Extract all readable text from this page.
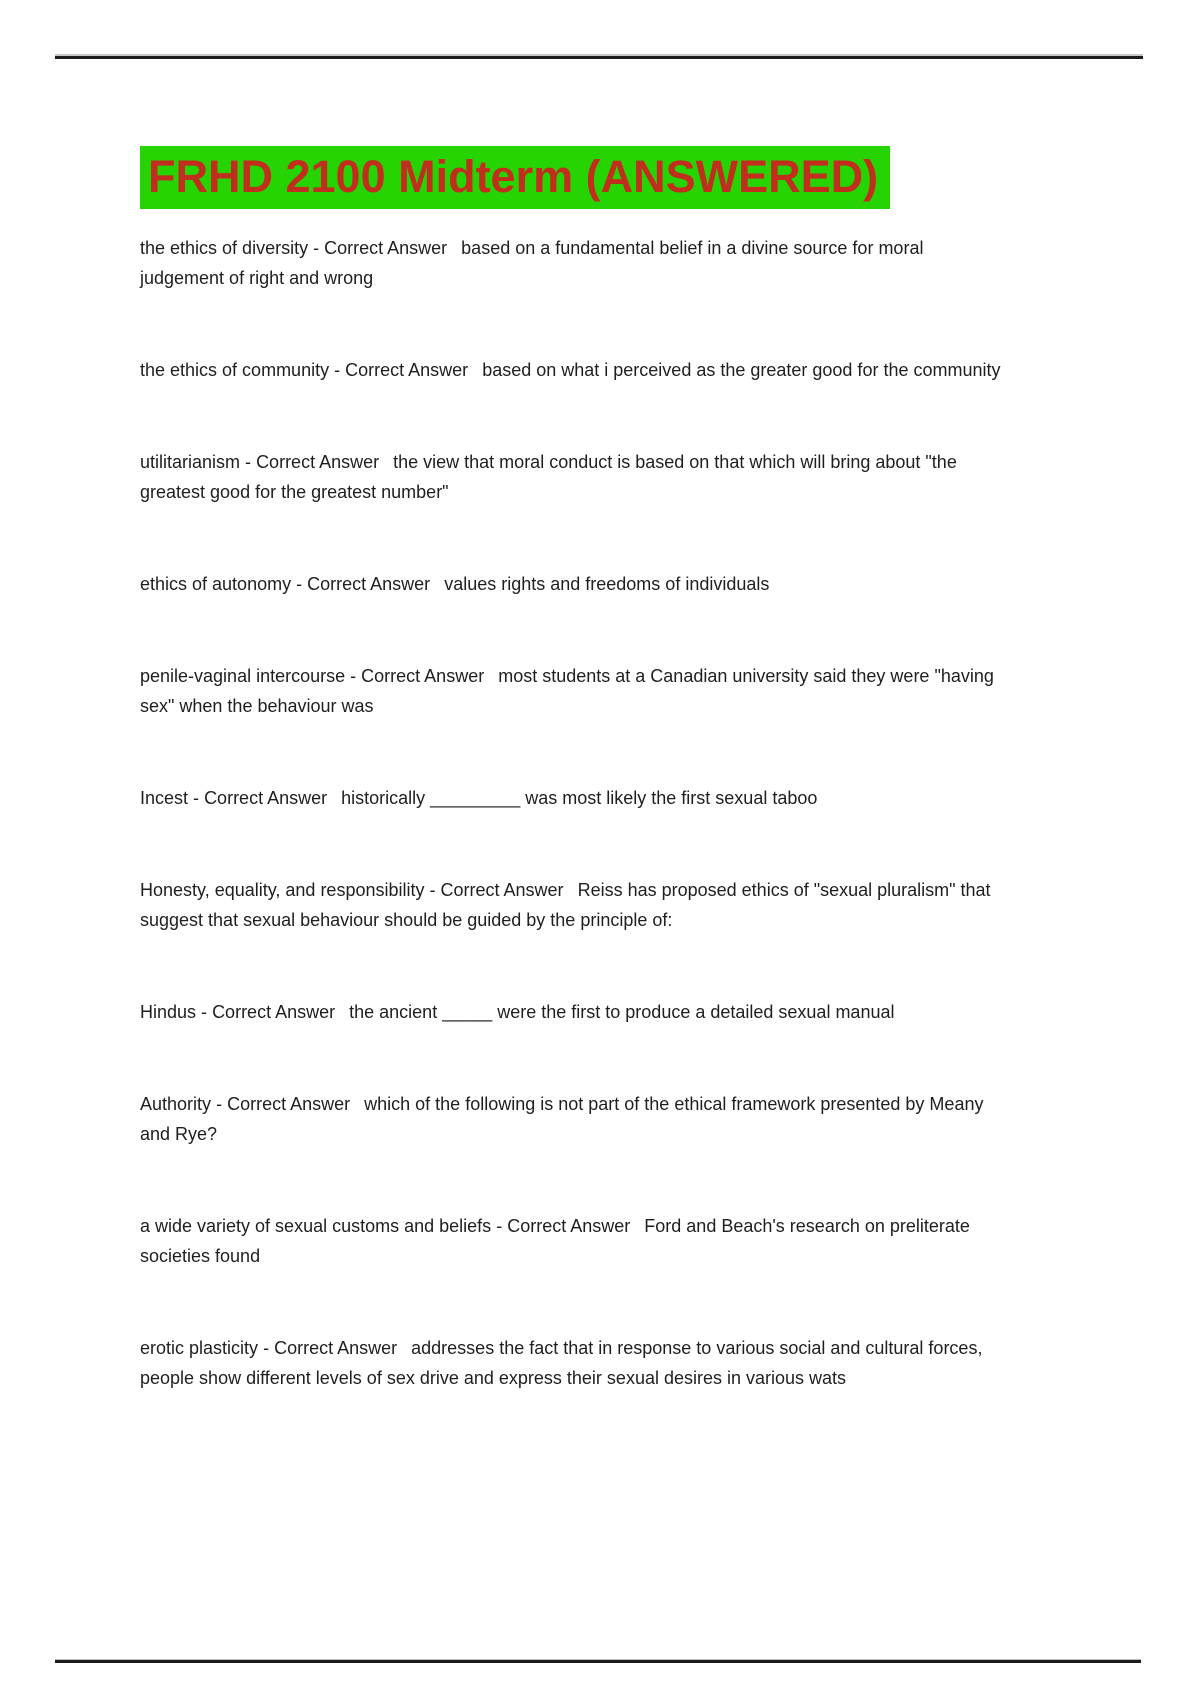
FRHD 2100 Midterm (ANSWERED)

the ethics of diversity - Correct Answer based on a fundamental belief in a divine source for moral judgement of right and wrong

the ethics of community - Correct Answer based on what i perceived as the greater good for the community

utilitarianism - Correct Answer the view that moral conduct is based on that which will bring about "the greatest good for the greatest number"

ethics of autonomy - Correct Answer values rights and freedoms of individuals

penile-vaginal intercourse - Correct Answer most students at a Canadian university said they were "having sex" when the behaviour was

Incest - Correct Answer historically _________ was most likely the first sexual taboo

Honesty, equality, and responsibility - Correct Answer Reiss has proposed ethics of "sexual pluralism" that suggest that sexual behaviour should be guided by the principle of:

Hindus - Correct Answer the ancient _____ were the first to produce a detailed sexual manual

Authority - Correct Answer which of the following is not part of the ethical framework presented by Meany and Rye?

a wide variety of sexual customs and beliefs - Correct Answer Ford and Beach's research on preliterate societies found

erotic plasticity - Correct Answer addresses the fact that in response to various social and cultural forces, people show different levels of sex drive and express their sexual desires in various wats
